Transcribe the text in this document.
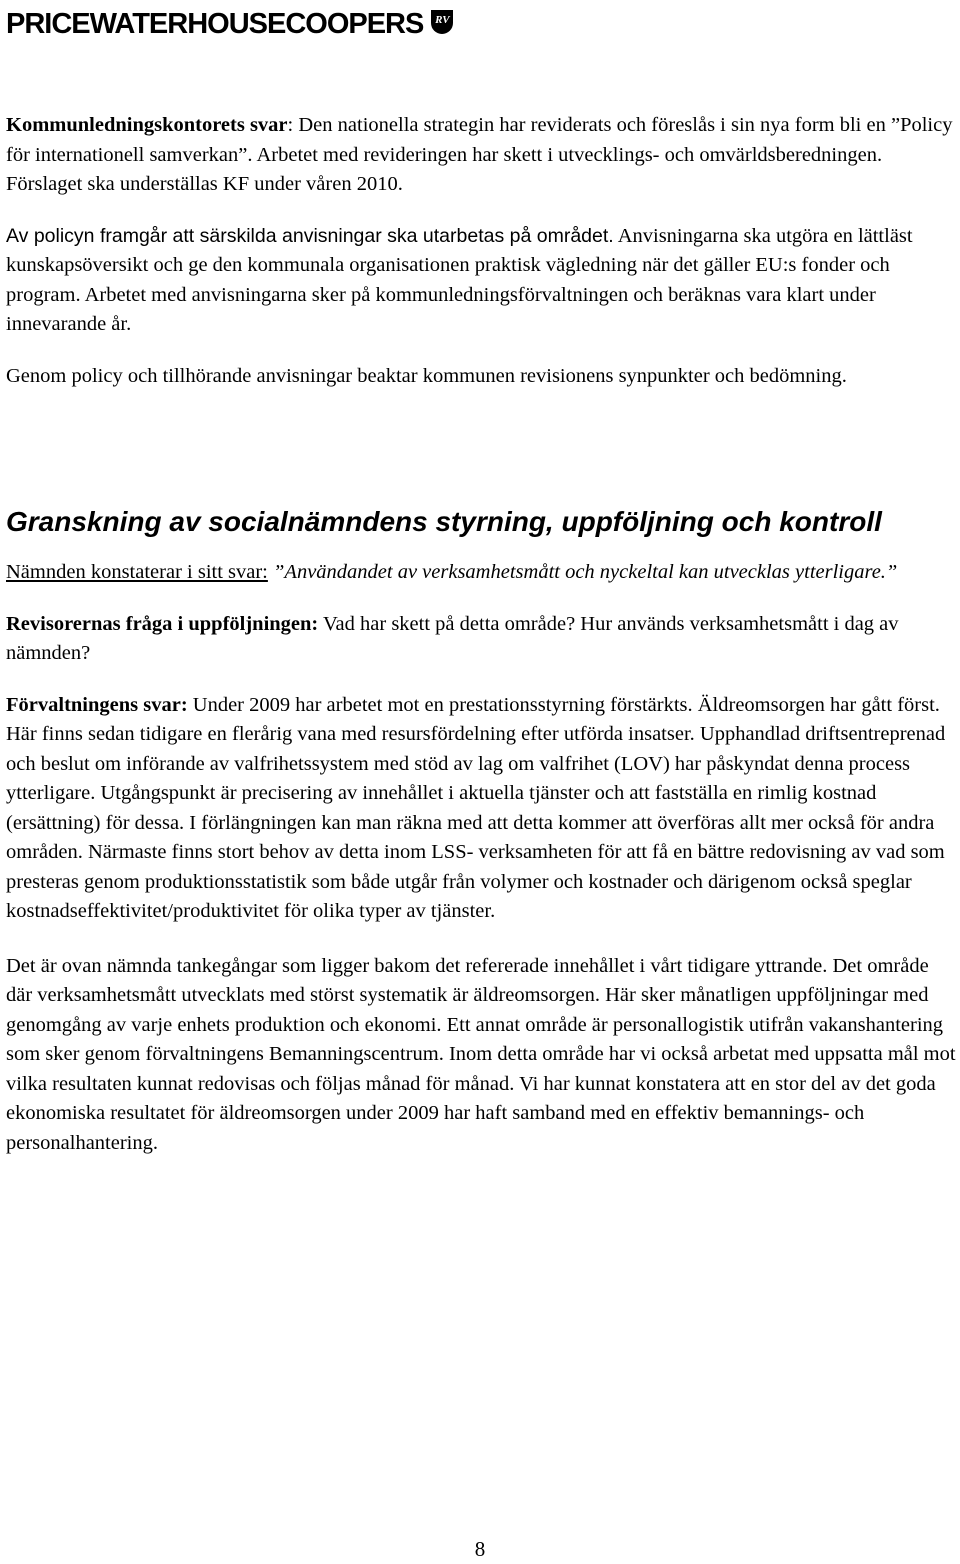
PRICEWATERHOUSECOOPERS	RV

Kommunledningskontorets svar: Den nationella strategin har reviderats och föreslås i sin nya form bli en ”Policy för internationell samverkan”. Arbetet med revideringen har skett i utvecklings- och omvärldsberedningen. Förslaget ska underställas KF under våren 2010.

Av policyn framgår att särskilda anvisningar ska utarbetas på området. Anvisningarna ska utgöra en lättläst kunskapsöversikt och ge den kommunala organisationen praktisk vägledning när det gäller EU:s fonder och program. Arbetet med anvisningarna sker på kommunledningsförvaltningen och beräknas vara klart under innevarande år.

Genom policy och tillhörande anvisningar beaktar kommunen revisionens synpunkter och bedömning.

Granskning av socialnämndens styrning, uppföljning och kontroll

Nämnden konstaterar i sitt svar: ”Användandet av verksamhetsmått och nyckeltal kan utvecklas ytterligare.”

Revisorernas fråga i uppföljningen: Vad har skett på detta område? Hur används verksamhetsmått i dag av nämnden?

Förvaltningens svar: Under 2009 har arbetet mot en prestationsstyrning förstärkts. Äldreomsorgen har gått först. Här finns sedan tidigare en flerårig vana med resursfördelning efter utförda insatser. Upphandlad driftsentreprenad och beslut om införande av valfrihetssystem med stöd av lag om valfrihet (LOV) har påskyndat denna process ytterligare. Utgångspunkt är precisering av innehållet i aktuella tjänster och att fastställa en rimlig kostnad (ersättning) för dessa. I förlängningen kan man räkna med att detta kommer att överföras allt mer också för andra områden. Närmaste finns stort behov av detta inom LSS- verksamheten för att få en bättre redovisning av vad som presteras genom produktionsstatistik som både utgår från volymer och kostnader och därigenom också speglar kostnadseffektivitet/produktivitet för olika typer av tjänster.

Det är ovan nämnda tankegångar som ligger bakom det refererade innehållet i vårt tidigare yttrande. Det område där verksamhetsmått utvecklats med störst systematik är äldreomsorgen. Här sker månatligen uppföljningar med genomgång av varje enhets produktion och ekonomi. Ett annat område är personallogistik utifrån vakanshantering som sker genom förvaltningens Bemanningscentrum. Inom detta område har vi också arbetat med uppsatta mål mot vilka resultaten kunnat redovisas och följas månad för månad. Vi har kunnat konstatera att en stor del av det goda ekonomiska resultatet för äldreomsorgen under 2009 har haft samband med en effektiv bemannings- och personalhantering.

8
